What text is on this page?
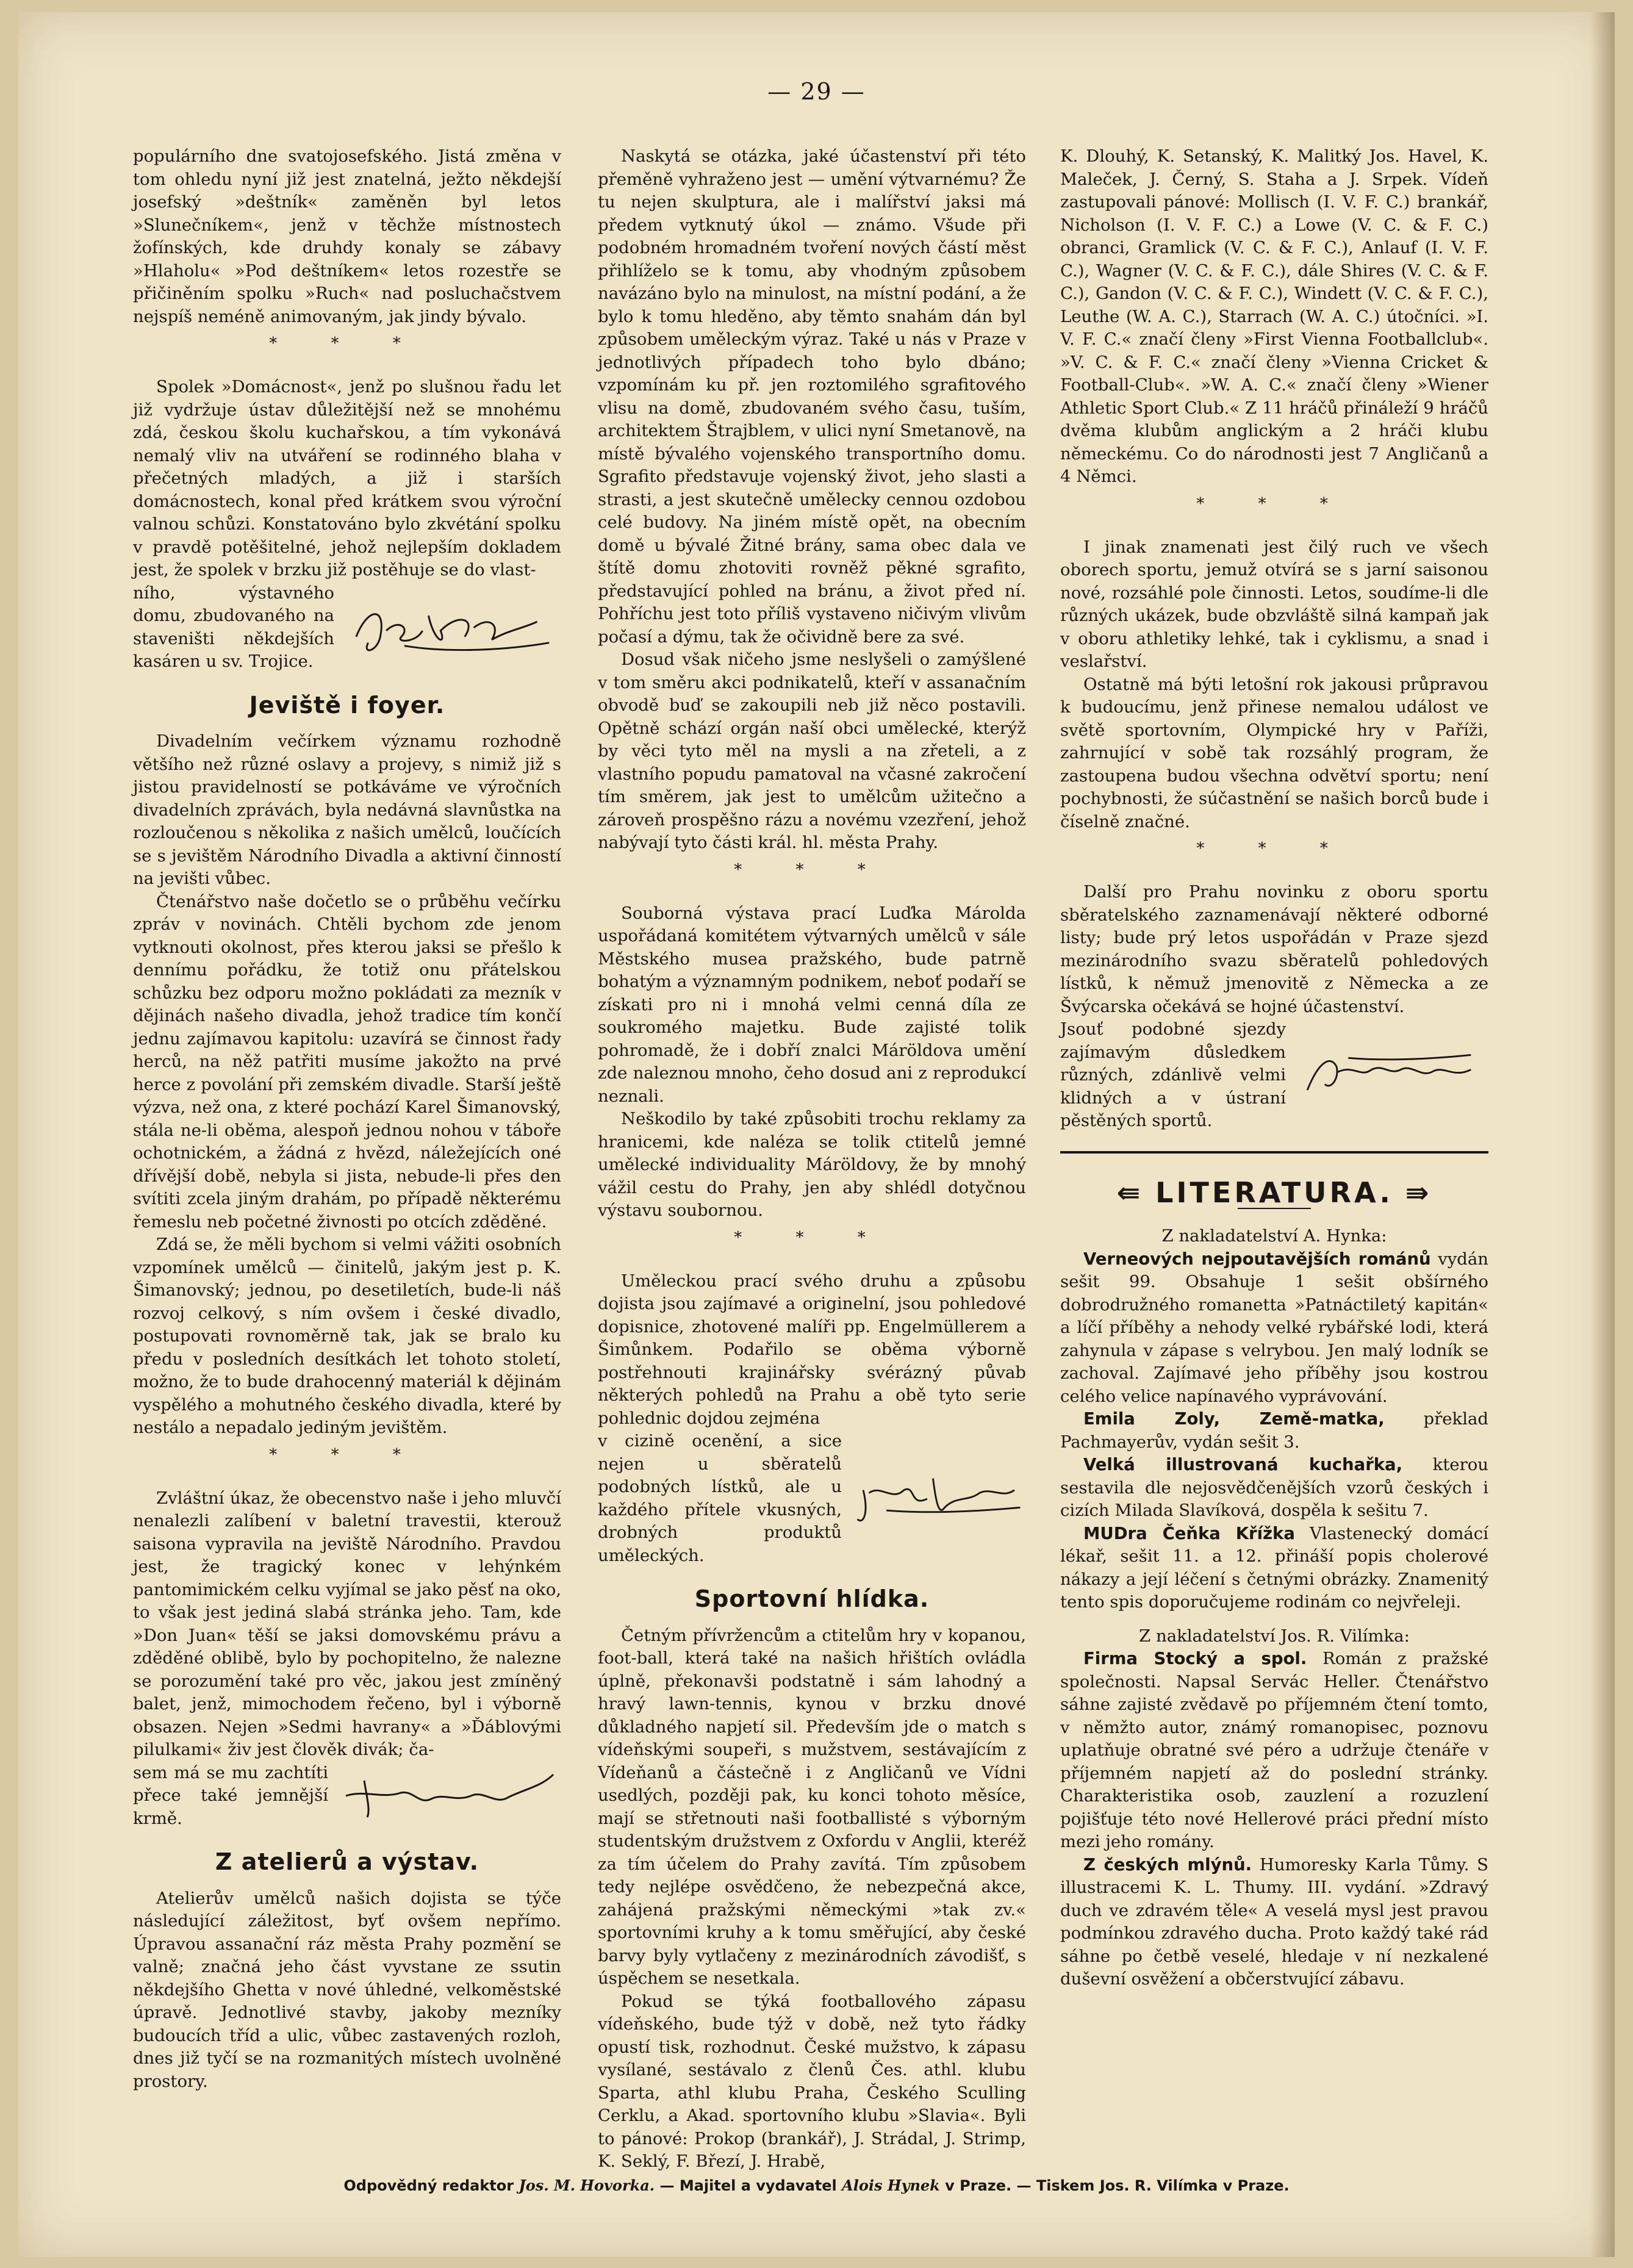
— 29 —

populárního dne svatojosefského. Jistá změna v tom ohledu nyní již jest znatelná, ježto někdejší josefský »deštník« zaměněn byl letos »Slunečníkem«, jenž v těchže místnostech žofínských, kde druhdy konaly se zábavy »Hlaholu« »Pod deštníkem« letos rozestře se přičiněním spolku »Ruch« nad posluchačstvem nejspíš neméně animovaným, jak jindy bývalo.

* * *

Spolek »Domácnost«, jenž po slušnou řadu let již vydržuje ústav důležitější než se mnohému zdá, českou školu kuchařskou, a tím vykonává nemalý vliv na utváření se rodinného blaha v přečetných mladých, a již i starších domácnostech, konal před krátkem svou výroční valnou schůzi. Konstatováno bylo zkvétání spolku v pravdě potěšitelné, jehož nejlepším dokladem jest, že spolek v brzku již postěhuje se do vlast-

ního, výstavného domu, zbudovaného na staveništi někdejších kasáren u sv. Trojice.
Jeviště i foyer.

Divadelním večírkem významu rozhodně většího než různé oslavy a projevy, s nimiž již s jistou pravidelností se potkáváme ve výročních divadelních zprávách, byla nedávná slavnůstka na rozloučenou s několika z našich umělců, loučících se s jevištěm Národního Divadla a aktivní činností na jevišti vůbec.

Čtenářstvo naše dočetlo se o průběhu večírku zpráv v novinách. Chtěli bychom zde jenom vytknouti okolnost, přes kterou jaksi se přešlo k dennímu pořádku, že totiž onu přátelskou schůzku bez odporu možno pokládati za mezník v dějinách našeho divadla, jehož tradice tím končí jednu zajímavou kapitolu: uzavírá se činnost řady herců, na něž patřiti musíme jakožto na prvé herce z povolání při zemském divadle. Starší ještě výzva, než ona, z které pochází Karel Šimanovský, stála ne-li oběma, alespoň jednou nohou v táboře ochotnickém, a žádná z hvězd, náležejících oné dřívější době, nebyla si jista, nebude-li přes den svítiti zcela jiným drahám, po případě některému řemeslu neb početné živnosti po otcích zděděné.

Zdá se, že měli bychom si velmi vážiti osobních vzpomínek umělců — činitelů, jakým jest p. K. Šimanovský; jednou, po desetiletích, bude-li náš rozvoj celkový, s ním ovšem i české divadlo, postupovati rovnoměrně tak, jak se bralo ku předu v posledních desítkách let tohoto století, možno, že to bude drahocenný materiál k dějinám vyspělého a mohutného českého divadla, které by nestálo a nepadalo jediným jevištěm.

* * *

Zvláštní úkaz, že obecenstvo naše i jeho mluvčí nenalezli zalíbení v baletní travestii, kterouž saisona vypravila na jeviště Národního. Pravdou jest, že tragický konec v lehýnkém pantomimickém celku vyjímal se jako pěsť na oko, to však jest jediná slabá stránka jeho. Tam, kde »Don Juan« těší se jaksi domovskému právu a zděděné oblibě, bylo by pochopitelno, že nalezne se porozumění také pro věc, jakou jest zmíněný balet, jenž, mimochodem řečeno, byl i výborně obsazen. Nejen »Sedmi havrany« a »Ďáblovými pilulkami« živ jest člověk divák; ča-

sem má se mu zachtíti přece také jemnější krmě.
Z atelierů a výstav.

Atelierův umělců našich dojista se týče následující záležitost, byť ovšem nepřímo. Úpravou assanační ráz města Prahy pozmění se valně; značná jeho část vyvstane ze ssutin někdejšího Ghetta v nové úhledné, velkoměstské úpravě. Jednotlivé stavby, jakoby mezníky budoucích tříd a ulic, vůbec zastavených rozloh, dnes již tyčí se na rozmanitých místech uvolněné prostory.

Naskytá se otázka, jaké účastenství při této přeměně vyhraženo jest — umění výtvarnému? Že tu nejen skulptura, ale i malířství jaksi má předem vytknutý úkol — známo. Všude při podobném hromadném tvoření nových částí měst přihlíželo se k tomu, aby vhodným způsobem navázáno bylo na minulost, na místní podání, a že bylo k tomu hleděno, aby těmto snahám dán byl způsobem uměleckým výraz. Také u nás v Praze v jednotlivých případech toho bylo dbáno; vzpomínám ku př. jen roztomilého sgrafitového vlisu na domě, zbudovaném svého času, tuším, architektem Štrajblem, v ulici nyní Smetanově, na místě bývalého vojenského transportního domu. Sgrafito představuje vojenský život, jeho slasti a strasti, a jest skutečně umělecky cennou ozdobou celé budovy. Na jiném místě opět, na obecním domě u bývalé Žitné brány, sama obec dala ve štítě domu zhotoviti rovněž pěkné sgrafito, představující pohled na bránu, a život před ní. Pohříchu jest toto příliš vystaveno ničivým vlivům počasí a dýmu, tak že očividně bere za své.

Dosud však ničeho jsme neslyšeli o zamýšlené v tom směru akci podnikatelů, kteří v assanačním obvodě buď se zakoupili neb již něco postavili. Opětně schází orgán naší obci umělecké, kterýž by věci tyto měl na mysli a na zřeteli, a z vlastního popudu pamatoval na včasné zakročení tím směrem, jak jest to umělcům užitečno a zároveň prospěšno rázu a novému vzezření, jehož nabývají tyto části král. hl. města Prahy.

* * *

Souborná výstava prací Luďka Márolda uspořádaná komitétem výtvarných umělců v sále Městského musea pražského, bude patrně bohatým a významným podnikem, neboť podaří se získati pro ni i mnohá velmi cenná díla ze soukromého majetku. Bude zajisté tolik pohromadě, že i dobří znalci Máröldova umění zde naleznou mnoho, čeho dosud ani z reprodukcí neznali.

Neškodilo by také způsobiti trochu reklamy za hranicemi, kde naléza se tolik ctitelů jemné umělecké individuality Máröldovy, že by mnohý vážil cestu do Prahy, jen aby shlédl dotyčnou výstavu soubornou.

* * *

Uměleckou prací svého druhu a způsobu dojista jsou zajímavé a originelní, jsou pohledové dopisnice, zhotovené malíři pp. Engelmüllerem a Šimůnkem. Podařilo se oběma výborně postřehnouti krajinářsky svérázný půvab některých pohledů na Prahu a obě tyto serie pohlednic dojdou zejména

v cizině ocenění, a sice nejen u sběratelů podobných lístků, ale u každého přítele vkusných, drobných produktů uměleckých.
Sportovní hlídka.

Četným přívržencům a ctitelům hry v kopanou, foot-ball, která také na našich hřištích ovládla úplně, překonavši podstatně i sám lahodný a hravý lawn-tennis, kynou v brzku dnové důkladného napjetí sil. Především jde o match s vídeňskými soupeři, s mužstvem, sestávajícím z Vídeňanů a částečně i z Angličanů ve Vídni usedlých, později pak, ku konci tohoto měsíce, mají se střetnouti naši footballisté s výborným studentským družstvem z Oxfordu v Anglii, kteréž za tím účelem do Prahy zavítá. Tím způsobem tedy nejlépe osvědčeno, že nebezpečná akce, zahájená pražskými německými »tak zv.« sportovními kruhy a k tomu směřující, aby české barvy byly vytlačeny z mezinárodních závodišť, s úspěchem se nesetkala.

Pokud se týká footballového zápasu vídeňského, bude týž v době, než tyto řádky opustí tisk, rozhodnut. České mužstvo, k zápasu vysílané, sestávalo z členů Čes. athl. klubu Sparta, athl klubu Praha, Českého Sculling Cerklu, a Akad. sportovního klubu »Slavia«. Byli to pánové: Prokop (brankář), J. Strádal, J. Strimp, K. Seklý, F. Březí, J. Hrabě,

K. Dlouhý, K. Setanský, K. Malitký Jos. Havel, K. Maleček, J. Černý, S. Staha a J. Srpek. Vídeň zastupovali pánové: Mollisch (I. V. F. C.) brankář, Nicholson (I. V. F. C.) a Lowe (V. C. & F. C.) obranci, Gramlick (V. C. & F. C.), Anlauf (I. V. F. C.), Wagner (V. C. & F. C.), dále Shires (V. C. & F. C.), Gandon (V. C. & F. C.), Windett (V. C. & F. C.), Leuthe (W. A. C.), Starrach (W. A. C.) útočníci. »I. V. F. C.« značí členy »First Vienna Footballclub«. »V. C. & F. C.« značí členy »Vienna Cricket & Football-Club«. »W. A. C.« značí členy »Wiener Athletic Sport Club.« Z 11 hráčů přináleží 9 hráčů dvěma klubům anglickým a 2 hráči klubu německému. Co do národnosti jest 7 Angličanů a 4 Němci.

* * *

I jinak znamenati jest čilý ruch ve všech oborech sportu, jemuž otvírá se s jarní saisonou nové, rozsáhlé pole činnosti. Letos, soudíme-li dle různých ukázek, bude obzvláště silná kampaň jak v oboru athletiky lehké, tak i cyklismu, a snad i veslařství.

Ostatně má býti letošní rok jakousi průpravou k budoucímu, jenž přinese nemalou událost ve světě sportovním, Olympické hry v Paříži, zahrnující v sobě tak rozsáhlý program, že zastoupena budou všechna odvětví sportu; není pochybnosti, že súčastnění se našich borců bude i číselně značné.

* * *

Další pro Prahu novinku z oboru sportu sběratelského zaznamenávají některé odborné listy; bude prý letos uspořádán v Praze sjezd mezinárodního svazu sběratelů pohledových lístků, k němuž jmenovitě z Německa a ze Švýcarska očekává se hojné účastenství.

Jsouť podobné sjezdy zajímavým důsledkem různých, zdánlivě velmi klidných a v ústraní pěstěných sportů.
⇚ LITERATURA. ⇛

Z nakladatelství A. Hynka:

Verneových nejpoutavějších románů vydán sešit 99. Obsahuje 1 sešit obšírného dobrodružného romanetta »Patnáctiletý kapitán« a líčí příběhy a nehody velké rybářské lodi, která zahynula v zápase s velrybou. Jen malý lodník se zachoval. Zajímavé jeho příběhy jsou kostrou celého velice napínavého vyprávování.

Emila Zoly, Země-matka, překlad Pachmayerův, vydán sešit 3.

Velká illustrovaná kuchařka, kterou sestavila dle nejosvědčenějších vzorů českých i cizích Milada Slavíková, dospěla k sešitu 7.

MUDra Čeňka Křížka Vlastenecký domácí lékař, sešit 11. a 12. přináší popis cholerové nákazy a její léčení s četnými obrázky. Znamenitý tento spis doporučujeme rodinám co nejvřeleji.

Z nakladatelství Jos. R. Vilímka:

Firma Stocký a spol. Román z pražské společnosti. Napsal Servác Heller. Čtenářstvo sáhne zajisté zvědavě po příjemném čtení tomto, v němžto autor, známý romanopisec, poznovu uplatňuje obratné své péro a udržuje čtenáře v příjemném napjetí až do poslední stránky. Charakteristika osob, zauzlení a rozuzlení pojišťuje této nové Hellerové práci přední místo mezi jeho romány.

Z českých mlýnů. Humoresky Karla Tůmy. S illustracemi K. L. Thumy. III. vydání. »Zdravý duch ve zdravém těle« A veselá mysl jest pravou podmínkou zdravého ducha. Proto každý také rád sáhne po četbě veselé, hledaje v ní nezkalené duševní osvěžení a občerstvující zábavu.

Odpovědný redaktor Jos. M. Hovorka. — Majitel a vydavatel Alois Hynek v Praze. — Tiskem Jos. R. Vilímka v Praze.
